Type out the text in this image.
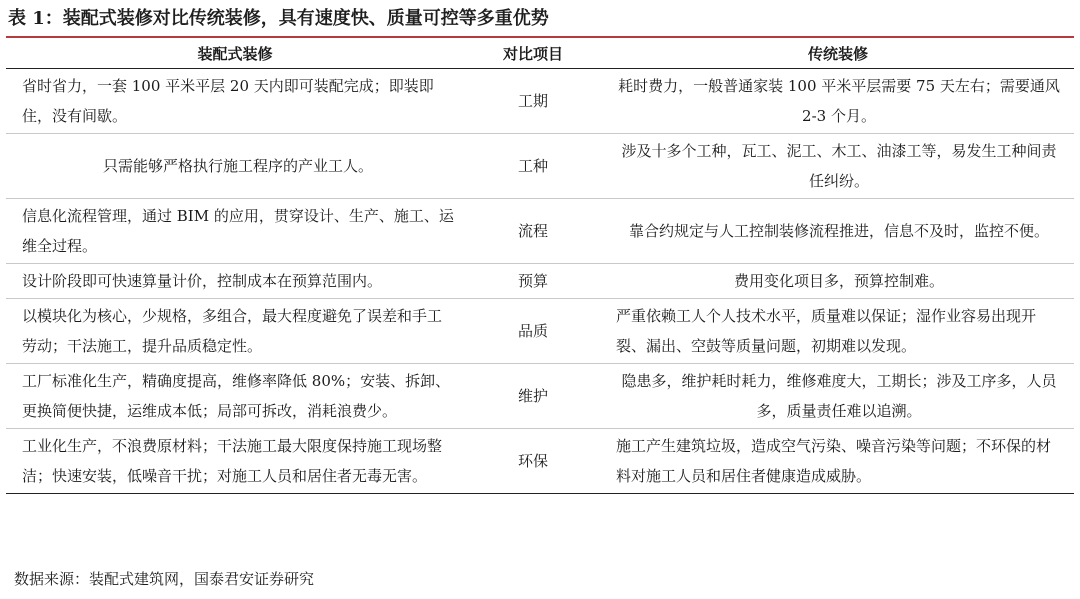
表 1：装配式装修对比传统装修，具有速度快、质量可控等多重优势
装配式装修	对比项目	传统装修
省时省力，一套 100 平米平层 20 天内即可装配完成；即装即住，没有间歇。	工期	耗时费力，一般普通家装 100 平米平层需要 75 天左右；需要通风 2-3 个月。
只需能够严格执行施工程序的产业工人。	工种	涉及十多个工种，瓦工、泥工、木工、油漆工等，易发生工种间责任纠纷。
信息化流程管理，通过 BIM 的应用，贯穿设计、生产、施工、运维全过程。	流程	靠合约规定与人工控制装修流程推进，信息不及时，监控不便。
设计阶段即可快速算量计价，控制成本在预算范围内。	预算	费用变化项目多，预算控制难。
以模块化为核心，少规格，多组合，最大程度避免了误差和手工劳动；干法施工，提升品质稳定性。	品质	严重依赖工人个人技术水平，质量难以保证；湿作业容易出现开裂、漏出、空鼓等质量问题，初期难以发现。
工厂标准化生产，精确度提高，维修率降低 80%；安装、拆卸、更换简便快捷，运维成本低；局部可拆改，消耗浪费少。	维护	隐患多，维护耗时耗力，维修难度大，工期长；涉及工序多，人员多，质量责任难以追溯。
工业化生产，不浪费原材料；干法施工最大限度保持施工现场整洁；快速安装，低噪音干扰；对施工人员和居住者无毒无害。	环保	施工产生建筑垃圾，造成空气污染、噪音污染等问题；不环保的材料对施工人员和居住者健康造成威胁。
数据来源：装配式建筑网，国泰君安证券研究
